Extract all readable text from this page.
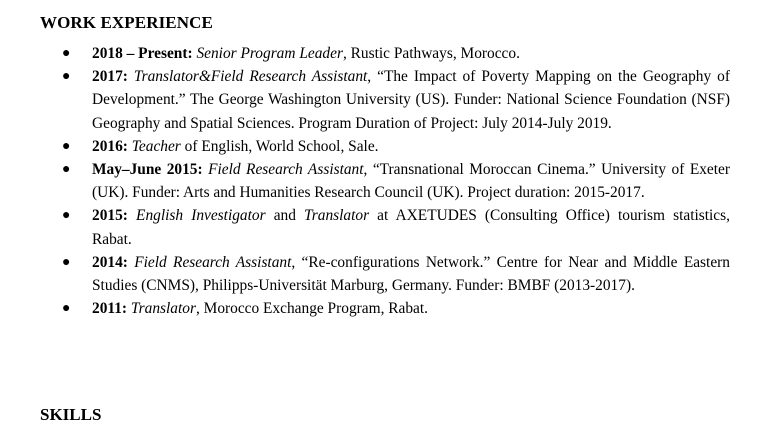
WORK EXPERIENCE
● 2018 – Present: Senior Program Leader, Rustic Pathways, Morocco.
● 2017: Translator&Field Research Assistant, “The Impact of Poverty Mapping on the Geography of Development.” The George Washington University (US). Funder: National Science Foundation (NSF) Geography and Spatial Sciences. Program Duration of Project: July 2014-July 2019.
● 2016: Teacher of English, World School, Sale.
● May–June 2015: Field Research Assistant, “Transnational Moroccan Cinema.” University of Exeter (UK). Funder: Arts and Humanities Research Council (UK). Project duration: 2015-2017.
● 2015: English Investigator and Translator at AXETUDES (Consulting Office) tourism statistics, Rabat.
● 2014: Field Research Assistant, “Re-configurations Network.” Centre for Near and Middle Eastern Studies (CNMS), Philipps-Universität Marburg, Germany. Funder: BMBF (2013-2017).
● 2011: Translator, Morocco Exchange Program, Rabat.
SKILLS
